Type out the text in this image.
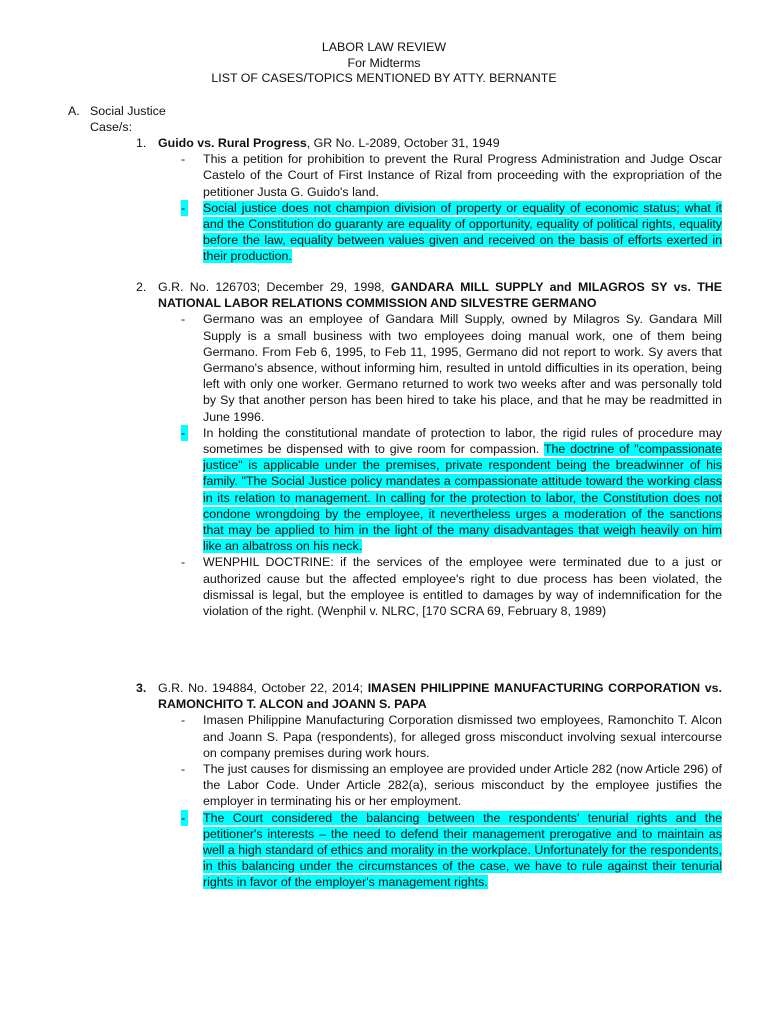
LABOR LAW REVIEW
For Midterms
LIST OF CASES/TOPICS MENTIONED BY ATTY. BERNANTE
A. Social Justice
Case/s:
1. Guido vs. Rural Progress, GR No. L-2089, October 31, 1949
- This a petition for prohibition to prevent the Rural Progress Administration and Judge Oscar Castelo of the Court of First Instance of Rizal from proceeding with the expropriation of the petitioner Justa G. Guido's land.
- Social justice does not champion division of property or equality of economic status; what it and the Constitution do guaranty are equality of opportunity, equality of political rights, equality before the law, equality between values given and received on the basis of efforts exerted in their production.
2. G.R. No. 126703; December 29, 1998, GANDARA MILL SUPPLY and MILAGROS SY vs. THE NATIONAL LABOR RELATIONS COMMISSION AND SILVESTRE GERMANO
- Germano was an employee of Gandara Mill Supply, owned by Milagros Sy. Gandara Mill Supply is a small business with two employees doing manual work, one of them being Germano. From Feb 6, 1995, to Feb 11, 1995, Germano did not report to work. Sy avers that Germano's absence, without informing him, resulted in untold difficulties in its operation, being left with only one worker. Germano returned to work two weeks after and was personally told by Sy that another person has been hired to take his place, and that he may be readmitted in June 1996.
- In holding the constitutional mandate of protection to labor, the rigid rules of procedure may sometimes be dispensed with to give room for compassion. The doctrine of "compassionate justice" is applicable under the premises, private respondent being the breadwinner of his family. "The Social Justice policy mandates a compassionate attitude toward the working class in its relation to management. In calling for the protection to labor, the Constitution does not condone wrongdoing by the employee, it nevertheless urges a moderation of the sanctions that may be applied to him in the light of the many disadvantages that weigh heavily on him like an albatross on his neck.
- WENPHIL DOCTRINE: if the services of the employee were terminated due to a just or authorized cause but the affected employee's right to due process has been violated, the dismissal is legal, but the employee is entitled to damages by way of indemnification for the violation of the right. (Wenphil v. NLRC, [170 SCRA 69, February 8, 1989)
3. G.R. No. 194884, October 22, 2014; IMASEN PHILIPPINE MANUFACTURING CORPORATION vs. RAMONCHITO T. ALCON and JOANN S. PAPA
- Imasen Philippine Manufacturing Corporation dismissed two employees, Ramonchito T. Alcon and Joann S. Papa (respondents), for alleged gross misconduct involving sexual intercourse on company premises during work hours.
- The just causes for dismissing an employee are provided under Article 282 (now Article 296) of the Labor Code. Under Article 282(a), serious misconduct by the employee justifies the employer in terminating his or her employment.
- The Court considered the balancing between the respondents' tenurial rights and the petitioner's interests – the need to defend their management prerogative and to maintain as well a high standard of ethics and morality in the workplace. Unfortunately for the respondents, in this balancing under the circumstances of the case, we have to rule against their tenurial rights in favor of the employer's management rights.
